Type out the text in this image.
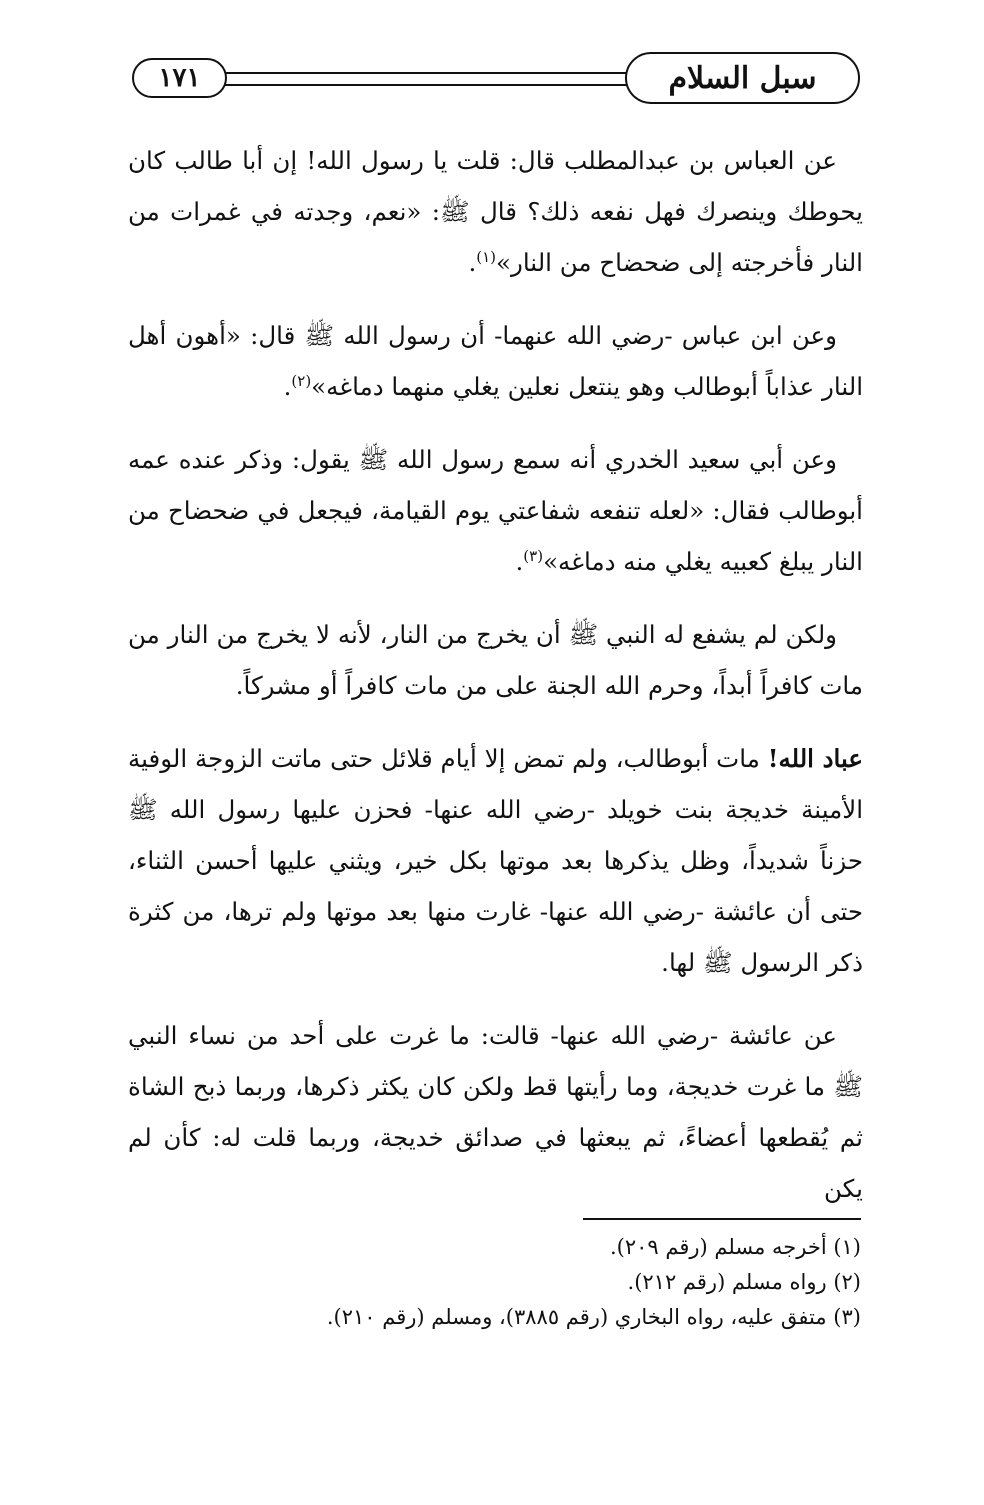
١٧١	سبل السلام

عن العباس بن عبدالمطلب قال: قلت يا رسول الله! إن أبا طالب كان يحوطك وينصرك فهل نفعه ذلك؟ قال ﷺ: «نعم، وجدته في غمرات من النار فأخرجته إلى ضحضاح من النار»$^{(١)}$.

وعن ابن عباس -رضي الله عنهما- أن رسول الله ﷺ قال: «أهون أهل النار عذاباً أبوطالب وهو ينتعل نعلين يغلي منهما دماغه»$^{(٢)}$.

وعن أبي سعيد الخدري أنه سمع رسول الله ﷺ يقول: وذكر عنده عمه أبوطالب فقال: «لعله تنفعه شفاعتي يوم القيامة، فيجعل في ضحضاح من النار يبلغ كعبيه يغلي منه دماغه»$^{(٣)}$.

ولكن لم يشفع له النبي ﷺ أن يخرج من النار، لأنه لا يخرج من النار من مات كافراً أبداً، وحرم الله الجنة على من مات كافراً أو مشركاً.

عباد الله! مات أبوطالب، ولم تمض إلا أيام قلائل حتى ماتت الزوجة الوفية الأمينة خديجة بنت خويلد -رضي الله عنها- فحزن عليها رسول الله ﷺ حزناً شديداً، وظل يذكرها بعد موتها بكل خير، ويثني عليها أحسن الثناء، حتى أن عائشة -رضي الله عنها- غارت منها بعد موتها ولم ترها، من كثرة ذكر الرسول ﷺ لها.

عن عائشة -رضي الله عنها- قالت: ما غرت على أحد من نساء النبي ﷺ ما غرت خديجة، وما رأيتها قط ولكن كان يكثر ذكرها، وربما ذبح الشاة ثم يُقطعها أعضاءً، ثم يبعثها في صدائق خديجة، وربما قلت له: كأن لم يكن

(١) أخرجه مسلم (رقم ٢٠٩).
(٢) رواه مسلم (رقم ٢١٢).
(٣) متفق عليه، رواه البخاري (رقم ٣٨٨٥)، ومسلم (رقم ٢١٠).
